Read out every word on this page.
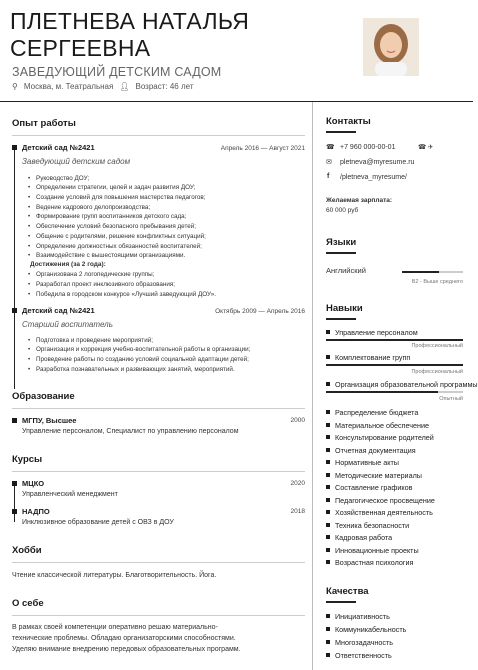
ПЛЕТНЕВА НАТАЛЬЯ
СЕРГЕЕВНА
ЗАВЕДУЮЩИЙ ДЕТСКИМ САДОМ
⚲ Москва, м. Театральная 👤︎ Возраст: 46 лет
Опыт работы
Детский сад №2421	Апрель 2016 — Август 2021
Заведующий детским садом
• Руководство ДОУ;
• Определении стратегии, целей и задач развития ДОУ;
• Создание условий для повышения мастерства педагогов;
• Ведение кадрового делопроизводства;
• Формирование групп воспитанников детского сада;
• Обеспечение условий безопасного пребывания детей;
• Общение с родителями, решение конфликтных ситуаций;
• Определение должностных обязанностей воспитателей;
• Взаимодействие с вышестоящими организациями.
Достижения (за 2 года):
• Организована 2 логопедические группы;
• Разработал проект инклюзивного образования;
• Победила в городском конкурсе «Лучший заведующий ДОУ».
Детский сад №2421	Октябрь 2009 — Апрель 2016
Старший воспитатель
• Подготовка и проведение мероприятий;
• Организация и коррекция учебно-воспитательной работы в организации;
• Проведение работы по созданию условий социальной адаптации детей;
• Разработка познавательных и развивающих занятий, мероприятий.
Образование
МГПУ, Высшее	2000
Управление персоналом, Специалист по управлению персоналом
Курсы
МЦКО	2020
Управленческий менеджмент
НАДПО	2018
Инклюзивное образование детей с ОВЗ в ДОУ
Хобби
Чтение классической литературы. Благотворительность. Йога.
О себе
В рамках своей компетенции оперативно решаю материально-
технические проблемы. Обладаю организаторскими способностями.
Уделяю внимание внедрению передовых образовательных программ.
Контакты
☎ +7 960 000-00-01	☎ ✈
✉ pletneva@myresume.ru
f /pletneva_myresume/
Желаемая зарплата:
60 000 руб
Языки
Английский
B2 - Выше среднего
Навыки
Управление персоналом
Профессиональный
Комплектование групп
Профессиональный
Организация образовательной программы
Опытный
Распределение бюджета
Материальное обеспечение
Консультирование родителей
Отчетная документация
Нормативные акты
Методические материалы
Составление графиков
Педагогическое просвещение
Хозяйственная деятельность
Техника безопасности
Кадровая работа
Инновационные проекты
Возрастная психология
Качества
Инициативность
Коммуникабельность
Многозадачность
Ответственность
